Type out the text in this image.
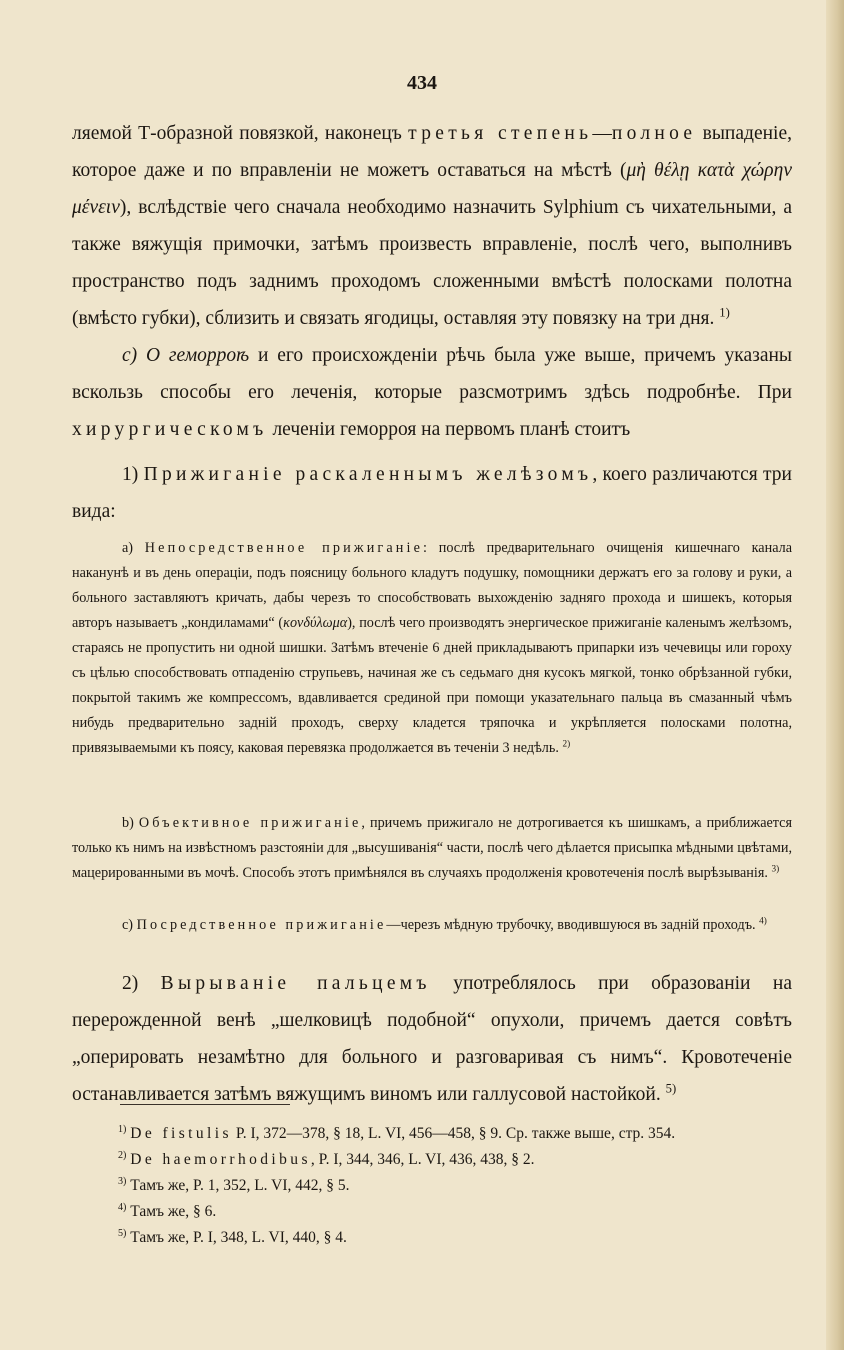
434
ляемой Т-образной повязкой, наконецъ третья степень—полное выпаденіе, которое даже и по вправленіи не можетъ оставаться на мѣстѣ (μὴ θέλῃ κατὰ χώρην μένειν), вслѣдствіе чего сначала необходимо назначить Sylphium съ чихательными, а также вяжущія примочки, затѣмъ произвесть вправленіе, послѣ чего, выполнивъ пространство подъ заднимъ проходомъ сложенными вмѣстѣ полосками полотна (вмѣсто губки), сблизить и связать ягодицы, оставляя эту повязку на три дня. $^{1)}$
c) О геморроѣ и его происхожденіи рѣчь была уже выше, причемъ указаны вскользь способы его леченія, которые разсмотримъ здѣсь подробнѣе. При хирургическомъ леченіи геморроя на первомъ планѣ стоитъ
1) Прижиганіе раскаленнымъ желѣзомъ, коего различаются три вида:
a) Непосредственное прижиганіе: послѣ предварительнаго очищенія кишечнаго канала наканунѣ и въ день операціи, подъ поясницу больного кладутъ подушку, помощники держатъ его за голову и руки, а больного заставляютъ кричать, дабы черезъ то способствовать выхожденію задняго прохода и шишекъ, которыя авторъ называетъ „кондиламами“ (κονδύλωμα), послѣ чего производятъ энергическое прижиганіе каленымъ желѣзомъ, стараясь не пропустить ни одной шишки. Затѣмъ втеченіе 6 дней прикладываютъ припарки изъ чечевицы или гороху съ цѣлью способствовать отпаденію струпьевъ, начиная же съ седьмаго дня кусокъ мягкой, тонко обрѣзанной губки, покрытой такимъ же компрессомъ, вдавливается срединой при помощи указательнаго пальца въ смазанный чѣмъ нибудь предварительно задній проходъ, сверху кладется тряпочка и укрѣпляется полосками полотна, привязываемыми къ поясу, каковая перевязка продолжается въ теченіи 3 недѣль. $^{2)}$
b) Объективное прижиганіе, причемъ прижигало не дотрогивается къ шишкамъ, а приближается только къ нимъ на извѣстномъ разстояніи для „высушиванія“ части, послѣ чего дѣлается присыпка мѣдными цвѣтами, мацерированными въ мочѣ. Способъ этотъ примѣнялся въ случаяхъ продолженія кровотеченія послѣ вырѣзыванія. $^{3)}$
c) Посредственное прижиганіе—черезъ мѣдную трубочку, вводившуюся въ задній проходъ. $^{4)}$
2) Вырываніе пальцемъ употреблялось при образованіи на перерожденной венѣ „шелковицѣ подобной“ опухоли, причемъ дается совѣтъ „оперировать незамѣтно для больного и разговаривая съ нимъ“. Кровотеченіе останавливается затѣмъ вяжущимъ виномъ или галлусовой настойкой. $^{5)}$
$^{1)}$ De fistulis P. I, 372—378, § 18, L. VI, 456—458, § 9. Ср. также выше, стр. 354.
$^{2)}$ De haemorrhodibus, P. I, 344, 346, L. VI, 436, 438, § 2.
$^{3)}$ Тамъ же, P. 1, 352, L. VI, 442, § 5.
$^{4)}$ Тамъ же, § 6.
$^{5)}$ Тамъ же, P. I, 348, L. VI, 440, § 4.
